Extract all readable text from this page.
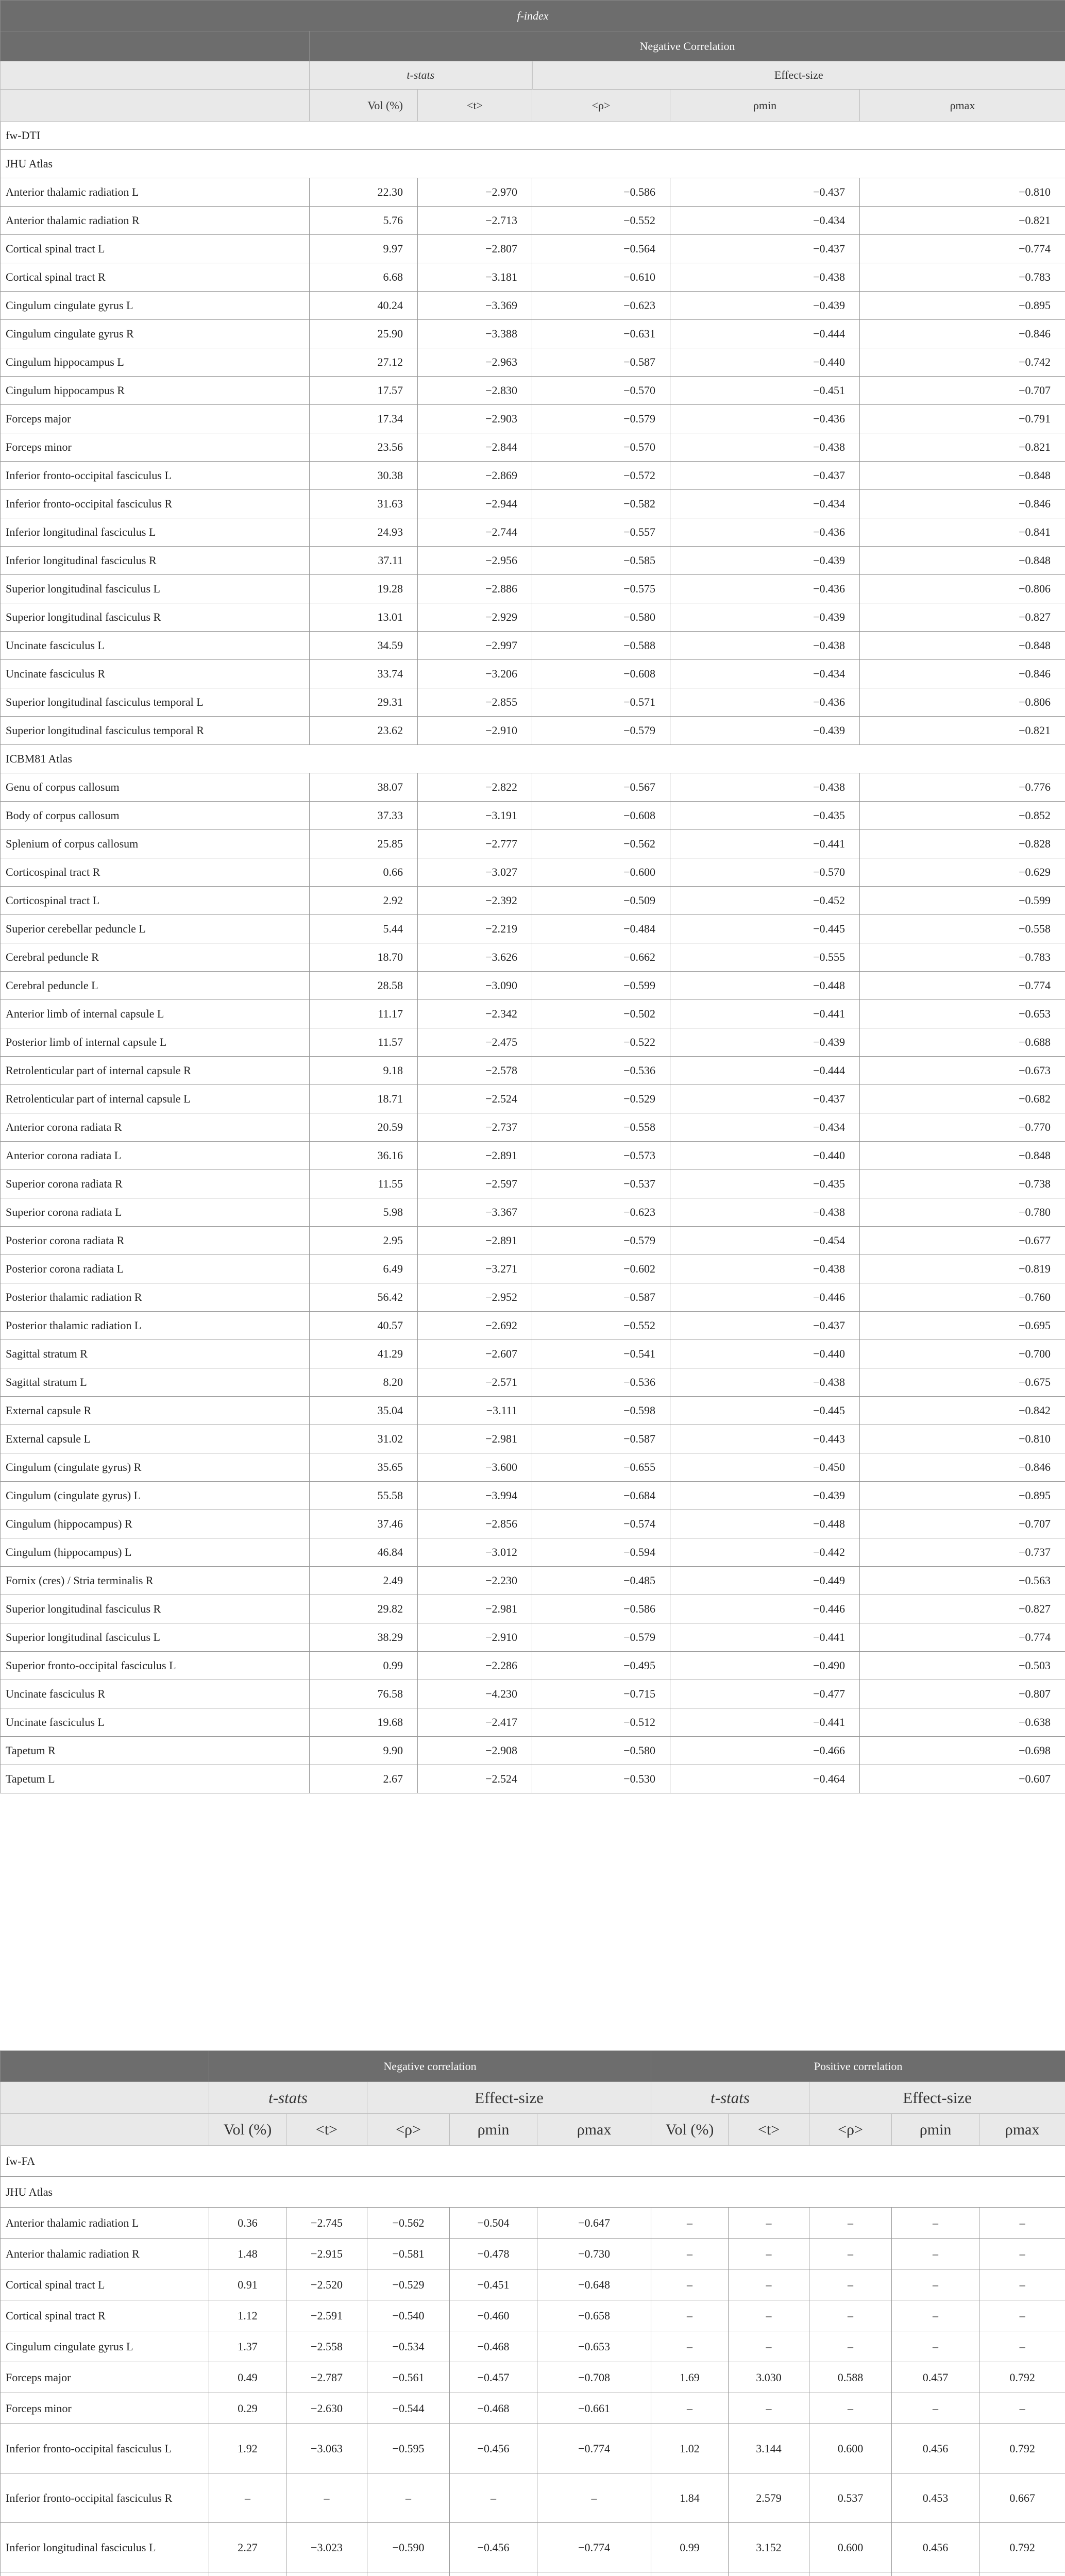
f-index					
	Negative Correlation				
	t-stats		Effect-size		
	Vol (%)	<t>	<ρ>	ρmin	ρmax
fw-DTI					
JHU Atlas					
Anterior thalamic radiation L	22.30	−2.970	−0.586	−0.437	−0.810
Anterior thalamic radiation R	5.76	−2.713	−0.552	−0.434	−0.821
Cortical spinal tract L	9.97	−2.807	−0.564	−0.437	−0.774
Cortical spinal tract R	6.68	−3.181	−0.610	−0.438	−0.783
Cingulum cingulate gyrus L	40.24	−3.369	−0.623	−0.439	−0.895
Cingulum cingulate gyrus R	25.90	−3.388	−0.631	−0.444	−0.846
Cingulum hippocampus L	27.12	−2.963	−0.587	−0.440	−0.742
Cingulum hippocampus R	17.57	−2.830	−0.570	−0.451	−0.707
Forceps major	17.34	−2.903	−0.579	−0.436	−0.791
Forceps minor	23.56	−2.844	−0.570	−0.438	−0.821
Inferior fronto-occipital fasciculus L	30.38	−2.869	−0.572	−0.437	−0.848
Inferior fronto-occipital fasciculus R	31.63	−2.944	−0.582	−0.434	−0.846
Inferior longitudinal fasciculus L	24.93	−2.744	−0.557	−0.436	−0.841
Inferior longitudinal fasciculus R	37.11	−2.956	−0.585	−0.439	−0.848
Superior longitudinal fasciculus L	19.28	−2.886	−0.575	−0.436	−0.806
Superior longitudinal fasciculus R	13.01	−2.929	−0.580	−0.439	−0.827
Uncinate fasciculus L	34.59	−2.997	−0.588	−0.438	−0.848
Uncinate fasciculus R	33.74	−3.206	−0.608	−0.434	−0.846
Superior longitudinal fasciculus temporal L	29.31	−2.855	−0.571	−0.436	−0.806
Superior longitudinal fasciculus temporal R	23.62	−2.910	−0.579	−0.439	−0.821
ICBM81 Atlas					
Genu of corpus callosum	38.07	−2.822	−0.567	−0.438	−0.776
Body of corpus callosum	37.33	−3.191	−0.608	−0.435	−0.852
Splenium of corpus callosum	25.85	−2.777	−0.562	−0.441	−0.828
Corticospinal tract R	0.66	−3.027	−0.600	−0.570	−0.629
Corticospinal tract L	2.92	−2.392	−0.509	−0.452	−0.599
Superior cerebellar peduncle L	5.44	−2.219	−0.484	−0.445	−0.558
Cerebral peduncle R	18.70	−3.626	−0.662	−0.555	−0.783
Cerebral peduncle L	28.58	−3.090	−0.599	−0.448	−0.774
Anterior limb of internal capsule L	11.17	−2.342	−0.502	−0.441	−0.653
Posterior limb of internal capsule L	11.57	−2.475	−0.522	−0.439	−0.688
Retrolenticular part of internal capsule R	9.18	−2.578	−0.536	−0.444	−0.673
Retrolenticular part of internal capsule L	18.71	−2.524	−0.529	−0.437	−0.682
Anterior corona radiata R	20.59	−2.737	−0.558	−0.434	−0.770
Anterior corona radiata L	36.16	−2.891	−0.573	−0.440	−0.848
Superior corona radiata R	11.55	−2.597	−0.537	−0.435	−0.738
Superior corona radiata L	5.98	−3.367	−0.623	−0.438	−0.780
Posterior corona radiata R	2.95	−2.891	−0.579	−0.454	−0.677
Posterior corona radiata L	6.49	−3.271	−0.602	−0.438	−0.819
Posterior thalamic radiation R	56.42	−2.952	−0.587	−0.446	−0.760
Posterior thalamic radiation L	40.57	−2.692	−0.552	−0.437	−0.695
Sagittal stratum R	41.29	−2.607	−0.541	−0.440	−0.700
Sagittal stratum L	8.20	−2.571	−0.536	−0.438	−0.675
External capsule R	35.04	−3.111	−0.598	−0.445	−0.842
External capsule L	31.02	−2.981	−0.587	−0.443	−0.810
Cingulum (cingulate gyrus) R	35.65	−3.600	−0.655	−0.450	−0.846
Cingulum (cingulate gyrus) L	55.58	−3.994	−0.684	−0.439	−0.895
Cingulum (hippocampus) R	37.46	−2.856	−0.574	−0.448	−0.707
Cingulum (hippocampus) L	46.84	−3.012	−0.594	−0.442	−0.737
Fornix (cres) / Stria terminalis R	2.49	−2.230	−0.485	−0.449	−0.563
Superior longitudinal fasciculus R	29.82	−2.981	−0.586	−0.446	−0.827
Superior longitudinal fasciculus L	38.29	−2.910	−0.579	−0.441	−0.774
Superior fronto-occipital fasciculus L	0.99	−2.286	−0.495	−0.490	−0.503
Uncinate fasciculus R	76.58	−4.230	−0.715	−0.477	−0.807
Uncinate fasciculus L	19.68	−2.417	−0.512	−0.441	−0.638
Tapetum R	9.90	−2.908	−0.580	−0.466	−0.698
Tapetum L	2.67	−2.524	−0.530	−0.464	−0.607
	Negative correlation					Positive correlation				
	t-stats		Effect-size			t-stats		Effect-size		
	Vol (%)	<t>	<ρ>	ρmin	ρmax	Vol (%)	<t>	<ρ>	ρmin	ρmax
fw-FA										
JHU Atlas										
Anterior thalamic radiation L	0.36	−2.745	−0.562	−0.504	−0.647	–	–	–	–	–
Anterior thalamic radiation R	1.48	−2.915	−0.581	−0.478	−0.730	–	–	–	–	–
Cortical spinal tract L	0.91	−2.520	−0.529	−0.451	−0.648	–	–	–	–	–
Cortical spinal tract R	1.12	−2.591	−0.540	−0.460	−0.658	–	–	–	–	–
Cingulum cingulate gyrus L	1.37	−2.558	−0.534	−0.468	−0.653	–	–	–	–	–
Forceps major	0.49	−2.787	−0.561	−0.457	−0.708	1.69	3.030	0.588	0.457	0.792
Forceps minor	0.29	−2.630	−0.544	−0.468	−0.661	–	–	–	–	–
Inferior fronto-occipital fasciculus L	1.92	−3.063	−0.595	−0.456	−0.774	1.02	3.144	0.600	0.456	0.792
Inferior fronto-occipital fasciculus R	–	–	–	–	–	1.84	2.579	0.537	0.453	0.667
Inferior longitudinal fasciculus L	2.27	−3.023	−0.590	−0.456	−0.774	0.99	3.152	0.600	0.456	0.792
